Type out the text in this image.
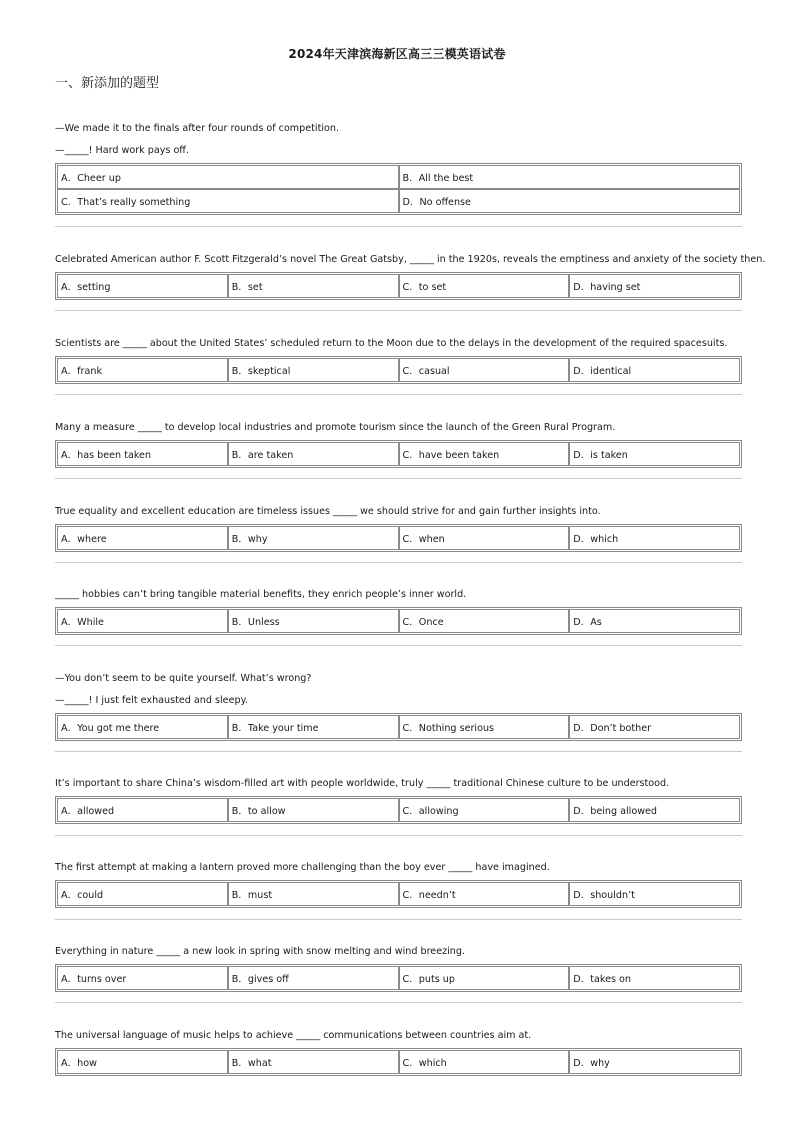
2024年天津滨海新区高三三模英语试卷
一、新添加的题型
—We made it to the finals after four rounds of competition.
—_____! Hard work pays off.
A．Cheer up	B．All the best
C．That’s really something	D．No offense
Celebrated American author F. Scott Fitzgerald’s novel The Great Gatsby, _____ in the 1920s, reveals the emptiness and anxiety of the society then.
A．setting	B．set	C．to set	D．having set
Scientists are _____ about the United States’ scheduled return to the Moon due to the delays in the development of the required spacesuits.
A．frank	B．skeptical	C．casual	D．identical
Many a measure _____ to develop local industries and promote tourism since the launch of the Green Rural Program.
A．has been taken	B．are taken	C．have been taken	D．is taken
True equality and excellent education are timeless issues _____ we should strive for and gain further insights into.
A．where	B．why	C．when	D．which
_____ hobbies can’t bring tangible material benefits, they enrich people’s inner world.
A．While	B．Unless	C．Once	D．As
—You don’t seem to be quite yourself. What’s wrong?
—_____! I just felt exhausted and sleepy.
A．You got me there	B．Take your time	C．Nothing serious	D．Don’t bother
It’s important to share China’s wisdom-filled art with people worldwide, truly _____ traditional Chinese culture to be understood.
A．allowed	B．to allow	C．allowing	D．being allowed
The first attempt at making a lantern proved more challenging than the boy ever _____ have imagined.
A．could	B．must	C．needn’t	D．shouldn’t
Everything in nature _____ a new look in spring with snow melting and wind breezing.
A．turns over	B．gives off	C．puts up	D．takes on
The universal language of music helps to achieve _____ communications between countries aim at.
A．how	B．what	C．which	D．why
